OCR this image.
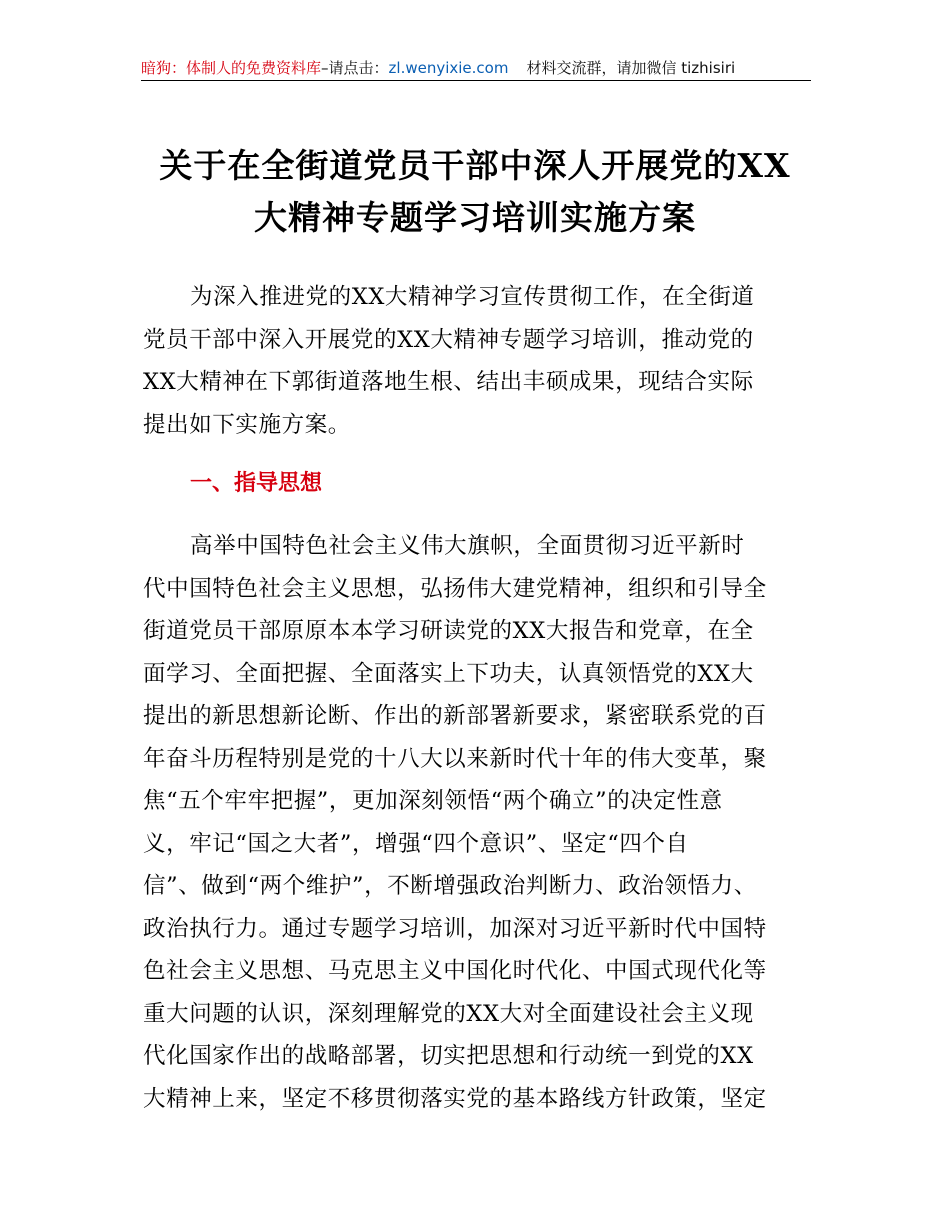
暗狗：体制人的免费资料库–请点击：zl.wenyixie.com 材料交流群，请加微信 tizhisiri
关于在全街道党员干部中深人开展党的XX
大精神专题学习培训实施方案
为深入推进党的XX大精神学习宣传贯彻工作，在全街道
党员干部中深入开展党的XX大精神专题学习培训，推动党的
XX大精神在下郭街道落地生根、结出丰硕成果，现结合实际
提出如下实施方案。
一、指导思想
高举中国特色社会主义伟大旗帜，全面贯彻习近平新时
代中国特色社会主义思想，弘扬伟大建党精神，组织和引导全
街道党员干部原原本本学习研读党的XX大报告和党章，在全
面学习、全面把握、全面落实上下功夫，认真领悟党的XX大
提出的新思想新论断、作出的新部署新要求，紧密联系党的百
年奋斗历程特别是党的十八大以来新时代十年的伟大变革，聚
焦“五个牢牢把握”，更加深刻领悟“两个确立”的决定性意
义，牢记“国之大者”，增强“四个意识”、坚定“四个自
信”、做到“两个维护”，不断增强政治判断力、政治领悟力、
政治执行力。通过专题学习培训，加深对习近平新时代中国特
色社会主义思想、马克思主义中国化时代化、中国式现代化等
重大问题的认识，深刻理解党的XX大对全面建设社会主义现
代化国家作出的战略部署，切实把思想和行动统一到党的XX
大精神上来，坚定不移贯彻落实党的基本路线方针政策，坚定
